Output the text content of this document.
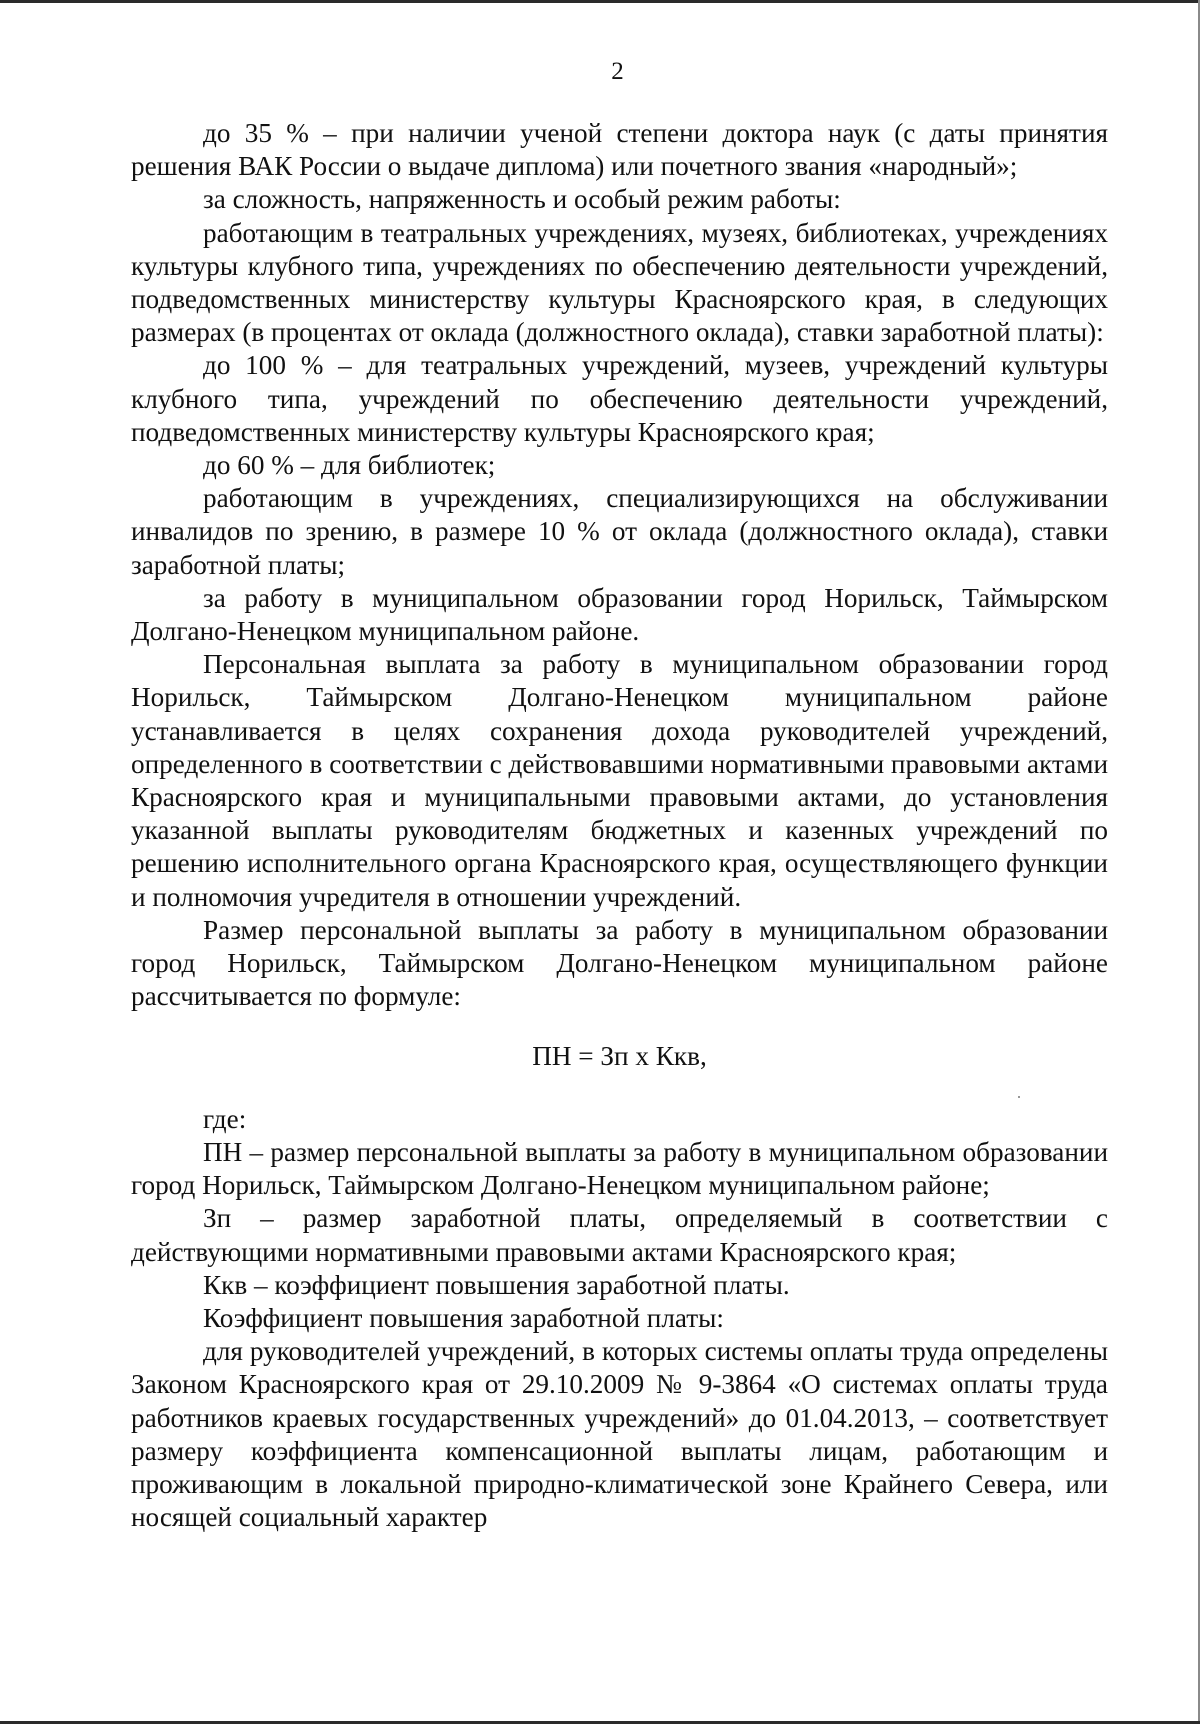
2

до 35 % – при наличии ученой степени доктора наук (с даты принятия решения ВАК России о выдаче диплома) или почетного звания «народный»;

за сложность, напряженность и особый режим работы:

работающим в театральных учреждениях, музеях, библиотеках, учреждениях культуры клубного типа, учреждениях по обеспечению деятельности учреждений, подведомственных министерству культуры Красноярского края, в следующих размерах (в процентах от оклада (должностного оклада), ставки заработной платы):

до 100 % – для театральных учреждений, музеев, учреждений культуры клубного типа, учреждений по обеспечению деятельности учреждений, подведомственных министерству культуры Красноярского края;

до 60 % – для библиотек;

работающим в учреждениях, специализирующихся на обслуживании инвалидов по зрению, в размере 10 % от оклада (должностного оклада), ставки заработной платы;

за работу в муниципальном образовании город Норильск, Таймырском Долгано-Ненецком муниципальном районе.

Персональная выплата за работу в муниципальном образовании город Норильск, Таймырском Долгано-Ненецком муниципальном районе устанавливается в целях сохранения дохода руководителей учреждений, определенного в соответствии с действовавшими нормативными правовыми актами Красноярского края и муниципальными правовыми актами, до установления указанной выплаты руководителям бюджетных и казенных учреждений по решению исполнительного органа Красноярского края, осуществляющего функции и полномочия учредителя в отношении учреждений.

Размер персональной выплаты за работу в муниципальном образовании город Норильск, Таймырском Долгано-Ненецком муниципальном районе рассчитывается по формуле:

ПН = Зп х Ккв,

где:

ПН – размер персональной выплаты за работу в муниципальном образовании город Норильск, Таймырском Долгано-Ненецком муниципальном районе;

Зп – размер заработной платы, определяемый в соответствии с действующими нормативными правовыми актами Красноярского края;

Ккв – коэффициент повышения заработной платы.

Коэффициент повышения заработной платы:

для руководителей учреждений, в которых системы оплаты труда определены Законом Красноярского края от 29.10.2009 № 9-3864 «О системах оплаты труда работников краевых государственных учреждений» до 01.04.2013, – соответствует размеру коэффициента компенсационной выплаты лицам, работающим и проживающим в локальной природно-климатической зоне Крайнего Севера, или носящей социальный характер
